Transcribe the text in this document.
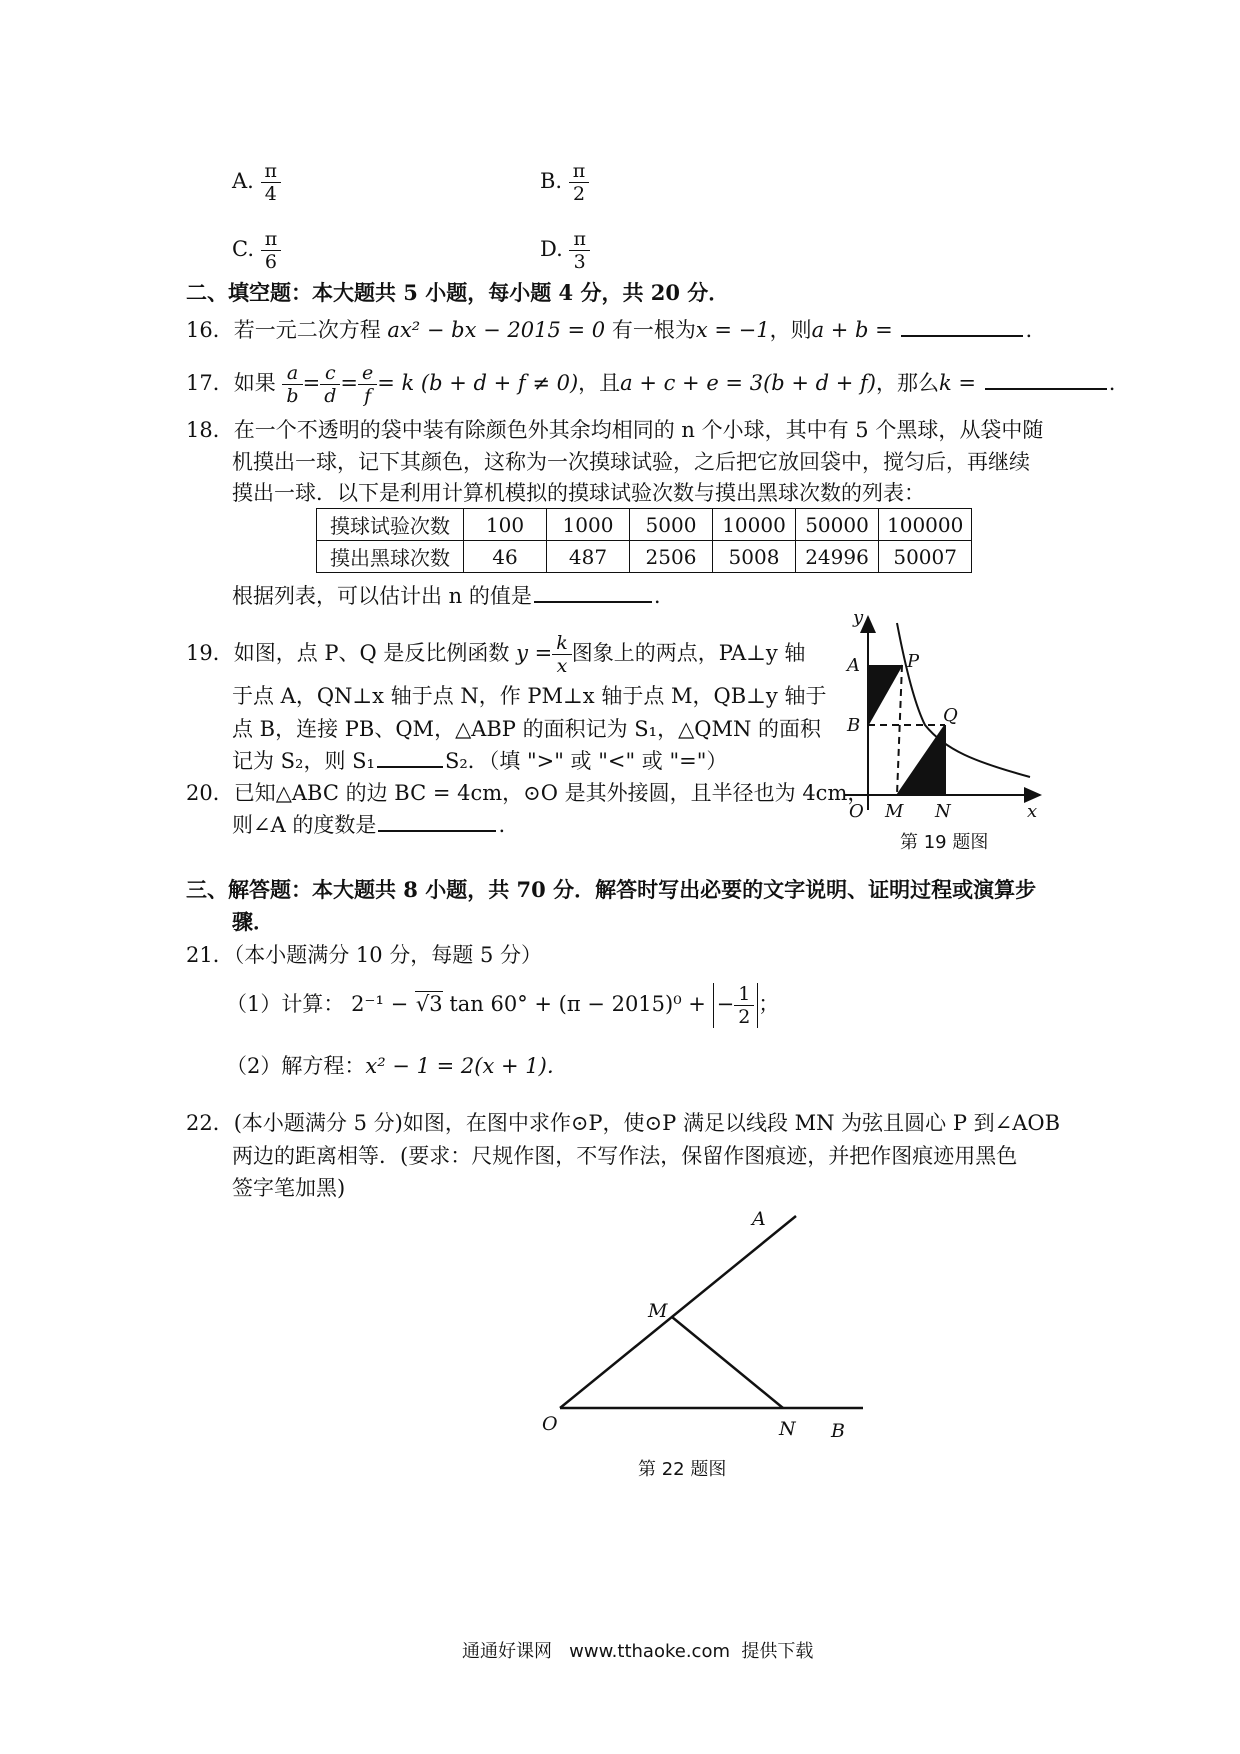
A. $\frac{\pi}{4}$	B. $\frac{\pi}{2}$
C. $\frac{\pi}{6}$	D. $\frac{\pi}{3}$
二、填空题：本大题共 5 小题，每小题 4 分，共 20 分．
16．若一元二次方程 ax² − bx − 2015 = 0 有一根为x = −1，则a + b =	.
17．如果 $\frac{a}{b} = \frac{c}{d} = \frac{e}{f} = k$ (b + d + f ≠ 0)，且a + c + e = 3(b + d + f)，那么k =	.
18．在一个不透明的袋中装有除颜色外其余均相同的 n 个小球，其中有 5 个黑球，从袋中随
机摸出一球，记下其颜色，这称为一次摸球试验，之后把它放回袋中，搅匀后，再继续
摸出一球．以下是利用计算机模拟的摸球试验次数与摸出黑球次数的列表：
摸球试验次数	100	1000	5000	10000	50000	100000
摸出黑球次数	46	487	2506	5008	24996	50007
根据列表，可以估计出 n 的值是	.
19．如图，点 P、Q 是反比例函数 $y = \frac{k}{x}$ 图象上的两点，PA⊥y 轴
于点 A，QN⊥x 轴于点 N，作 PM⊥x 轴于点 M，QB⊥y 轴于
点 B，连接 PB、QM，△ABP 的面积记为 S₁，△QMN 的面积
记为 S₂，则 S₁	S₂．（填 ">" 或 "<" 或 "="）
y
A	P
B	Q
O M N	x
第 19 题图
20．已知△ABC 的边 BC = 4cm，⊙O 是其外接圆，且半径也为 4cm，
则∠A 的度数是	.
三、解答题：本大题共 8 小题，共 70 分．解答时写出必要的文字说明、证明过程或演算步
骤．
21．（本小题满分 10 分，每题 5 分）
（1）计算： 2⁻¹ − √3 tan 60° + (π − 2015)⁰ + − $\frac{1}{2}$ ；
（2）解方程：x² − 1 = 2(x + 1)．
22．(本小题满分 5 分)如图，在图中求作⊙P，使⊙P 满足以线段 MN 为弦且圆心 P 到∠AOB
两边的距离相等．(要求：尺规作图，不写作法，保留作图痕迹，并把作图痕迹用黑色
签字笔加黑)
A
M
O	N B
第 22 题图
通通好课网   www.tthaoke.com  提供下载
